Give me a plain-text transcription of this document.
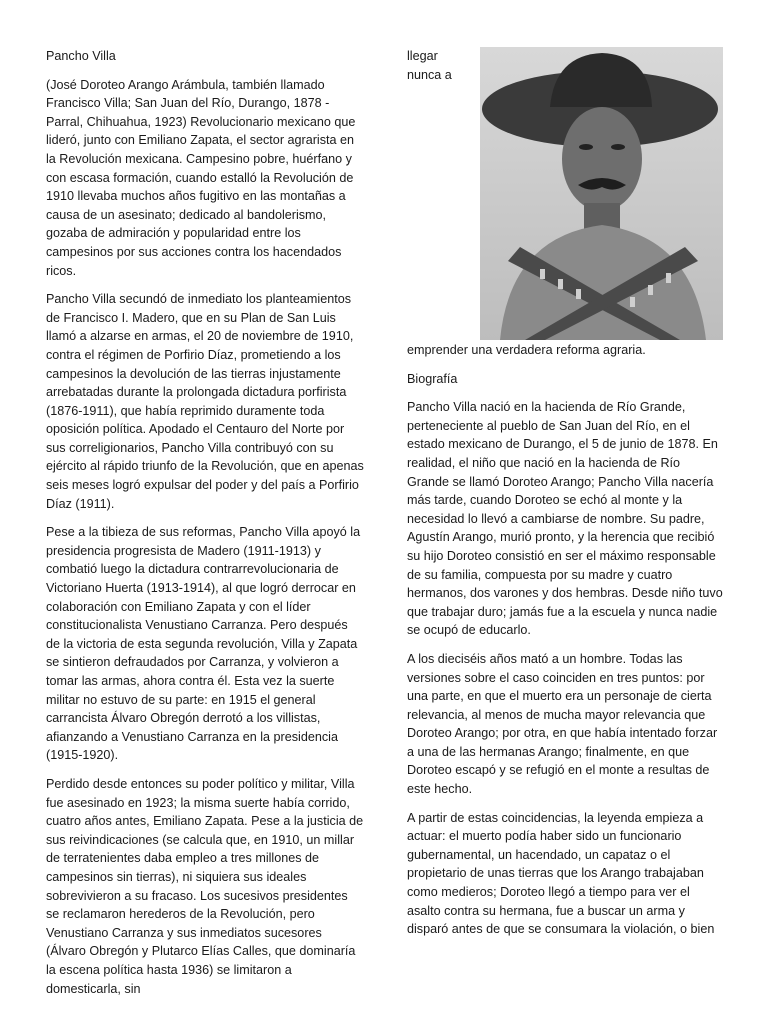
Pancho Villa

(José Doroteo Arango Arámbula, también llamado Francisco Villa; San Juan del Río, Durango, 1878 - Parral, Chihuahua, 1923) Revolucionario mexicano que lideró, junto con Emiliano Zapata, el sector agrarista en la Revolución mexicana. Campesino pobre, huérfano y con escasa formación, cuando estalló la Revolución de 1910 llevaba muchos años fugitivo en las montañas a causa de un asesinato; dedicado al bandolerismo, gozaba de admiración y popularidad entre los campesinos por sus acciones contra los hacendados ricos.

Pancho Villa secundó de inmediato los planteamientos de Francisco I. Madero, que en su Plan de San Luis llamó a alzarse en armas, el 20 de noviembre de 1910, contra el régimen de Porfirio Díaz, prometiendo a los campesinos la devolución de las tierras injustamente arrebatadas durante la prolongada dictadura porfirista (1876-1911), que había reprimido duramente toda oposición política. Apodado el Centauro del Norte por sus correligionarios, Pancho Villa contribuyó con su ejército al rápido triunfo de la Revolución, que en apenas seis meses logró expulsar del poder y del país a Porfirio Díaz (1911).

Pese a la tibieza de sus reformas, Pancho Villa apoyó la presidencia progresista de Madero (1911-1913) y combatió luego la dictadura contrarrevolucionaria de Victoriano Huerta (1913-1914), al que logró derrocar en colaboración con Emiliano Zapata y con el líder constitucionalista Venustiano Carranza. Pero después de la victoria de esta segunda revolución, Villa y Zapata se sintieron defraudados por Carranza, y volvieron a tomar las armas, ahora contra él. Esta vez la suerte militar no estuvo de su parte: en 1915 el general carrancista Álvaro Obregón derrotó a los villistas, afianzando a Venustiano Carranza en la presidencia (1915-1920).

Perdido desde entonces su poder político y militar, Villa fue asesinado en 1923; la misma suerte había corrido, cuatro años antes, Emiliano Zapata. Pese a la justicia de sus reivindicaciones (se calcula que, en 1910, un millar de terratenientes daba empleo a tres millones de campesinos sin tierras), ni siquiera sus ideales sobrevivieron a su fracaso. Los sucesivos presidentes se reclamaron herederos de la Revolución, pero Venustiano Carranza y sus inmediatos sucesores (Álvaro Obregón y Plutarco Elías Calles, que dominaría la escena política hasta 1936) se limitaron a domesticarla, sin

llegar
nunca a

emprender una verdadera reforma agraria.

Biografía

Pancho Villa nació en la hacienda de Río Grande, perteneciente al pueblo de San Juan del Río, en el estado mexicano de Durango, el 5 de junio de 1878. En realidad, el niño que nació en la hacienda de Río Grande se llamó Doroteo Arango; Pancho Villa nacería más tarde, cuando Doroteo se echó al monte y la necesidad lo llevó a cambiarse de nombre. Su padre, Agustín Arango, murió pronto, y la herencia que recibió su hijo Doroteo consistió en ser el máximo responsable de su familia, compuesta por su madre y cuatro hermanos, dos varones y dos hembras. Desde niño tuvo que trabajar duro; jamás fue a la escuela y nunca nadie se ocupó de educarlo.

A los dieciséis años mató a un hombre. Todas las versiones sobre el caso coinciden en tres puntos: por una parte, en que el muerto era un personaje de cierta relevancia, al menos de mucha mayor relevancia que Doroteo Arango; por otra, en que había intentado forzar a una de las hermanas Arango; finalmente, en que Doroteo escapó y se refugió en el monte a resultas de este hecho.

A partir de estas coincidencias, la leyenda empieza a actuar: el muerto podía haber sido un funcionario gubernamental, un hacendado, un capataz o el propietario de unas tierras que los Arango trabajaban como medieros; Doroteo llegó a tiempo para ver el asalto contra su hermana, fue a buscar un arma y disparó antes de que se consumara la violación, o bien
